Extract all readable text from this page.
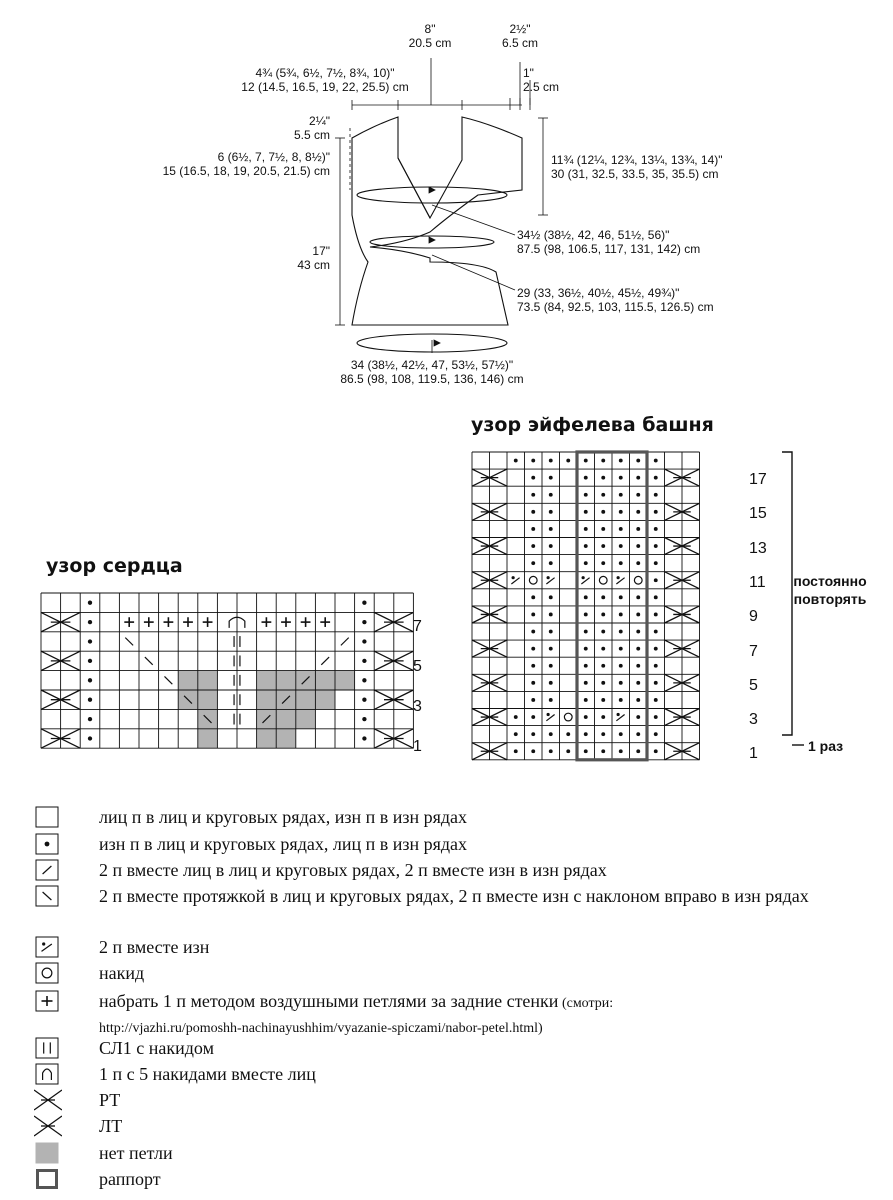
8"
20.5 cm
2½"
6.5 cm
1"
2.5 cm
4¾ (5¾, 6½, 7½, 8¾, 10)"
12 (14.5, 16.5, 19, 22, 25.5) cm
2¼"
5.5 cm
6 (6½, 7, 7½, 8, 8½)"
15 (16.5, 18, 19, 20.5, 21.5) cm
11¾ (12¼, 12¾, 13¼, 13¾, 14)"
30 (31, 32.5, 33.5, 35, 35.5) cm
34½ (38½, 42, 46, 51½, 56)"
87.5 (98, 106.5, 117, 131, 142) cm
17"
43 cm
29 (33, 36½, 40½, 45½, 49¾)"
73.5 (84, 92.5, 103, 115.5, 126.5) cm
34 (38½, 42½, 47, 53½, 57½)"
86.5 (98, 108, 119.5, 136, 146) cm
узор эйфелева башня
узор сердца
7
5
3
1
17
15
13
11
9
7
5
3
1
постоянно
повторять
1 раз
лиц п в лиц и круговых рядах, изн п в изн рядах
изн п в лиц и круговых рядах, лиц п в изн рядах
2 п вместе лиц в лиц и круговых рядах, 2 п вместе изн в изн рядах
2 п вместе протяжкой в лиц и круговых рядах, 2 п вместе изн с наклоном вправо в изн рядах
2 п вместе изн
накид
набрать 1 п методом воздушными петлями за задние стенки (смотри:
http://vjazhi.ru/pomoshh-nachinayushhim/vyazanie-spiczami/nabor-petel.html)
СЛ1 с накидом
1 п с 5 накидами вместе лиц
РТ
ЛТ
нет петли
раппорт
